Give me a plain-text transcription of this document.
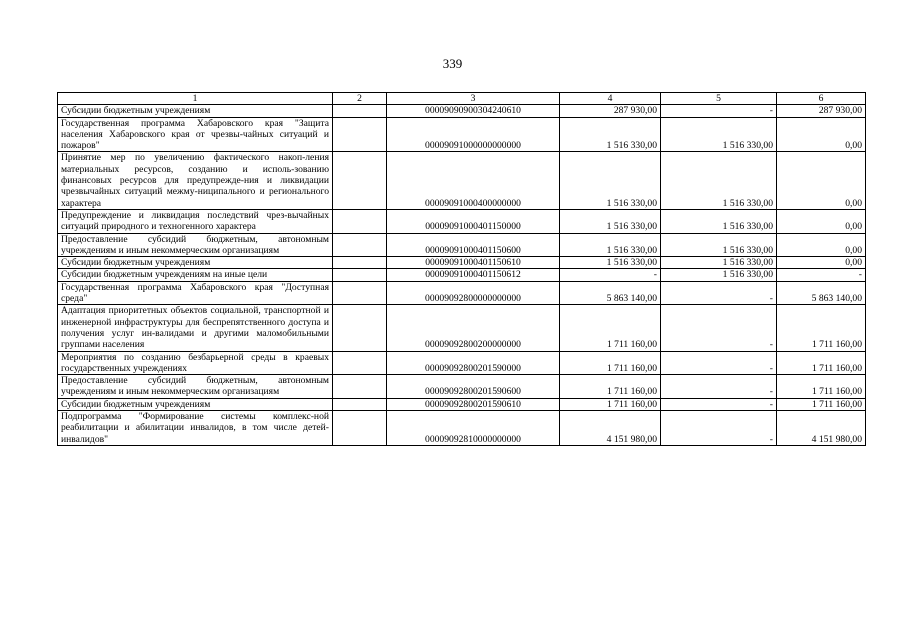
339
1	2	3	4	5	6
Субсидии бюджетным учреждениям		00009090900304240610	287 930,00	-	287 930,00
Государственная программа Хабаровского края "Защита населения Хабаровского края от чрезвы-чайных ситуаций и пожаров"		00009091000000000000	1 516 330,00	1 516 330,00	0,00
Принятие мер по увеличению фактического накоп-ления материальных ресурсов, созданию и исполь-зованию финансовых ресурсов для предупрежде-ния и ликвидации чрезвычайных ситуаций межму-ниципального и регионального характера		00009091000400000000	1 516 330,00	1 516 330,00	0,00
Предупреждение и ликвидация последствий чрез-вычайных ситуаций природного и техногенного характера		00009091000401150000	1 516 330,00	1 516 330,00	0,00
Предоставление субсидий бюджетным, автономным учреждениям и иным некоммерческим организациям		00009091000401150600	1 516 330,00	1 516 330,00	0,00
Субсидии бюджетным учреждениям		00009091000401150610	1 516 330,00	1 516 330,00	0,00
Субсидии бюджетным учреждениям на иные цели		00009091000401150612	-	1 516 330,00	-
Государственная программа Хабаровского края "Доступная среда"		00009092800000000000	5 863 140,00	-	5 863 140,00
Адаптация приоритетных объектов социальной, транспортной и инженерной инфраструктуры для беспрепятственного доступа и получения услуг ин-валидами и другими маломобильными группами населения		00009092800200000000	1 711 160,00	-	1 711 160,00
Мероприятия по созданию безбарьерной среды в краевых государственных учреждениях		00009092800201590000	1 711 160,00	-	1 711 160,00
Предоставление субсидий бюджетным, автономным учреждениям и иным некоммерческим организациям		00009092800201590600	1 711 160,00	-	1 711 160,00
Субсидии бюджетным учреждениям		00009092800201590610	1 711 160,00	-	1 711 160,00
Подпрограмма "Формирование системы комплекс-ной реабилитации и абилитации инвалидов, в том числе детей-инвалидов"		00009092810000000000	4 151 980,00	-	4 151 980,00
